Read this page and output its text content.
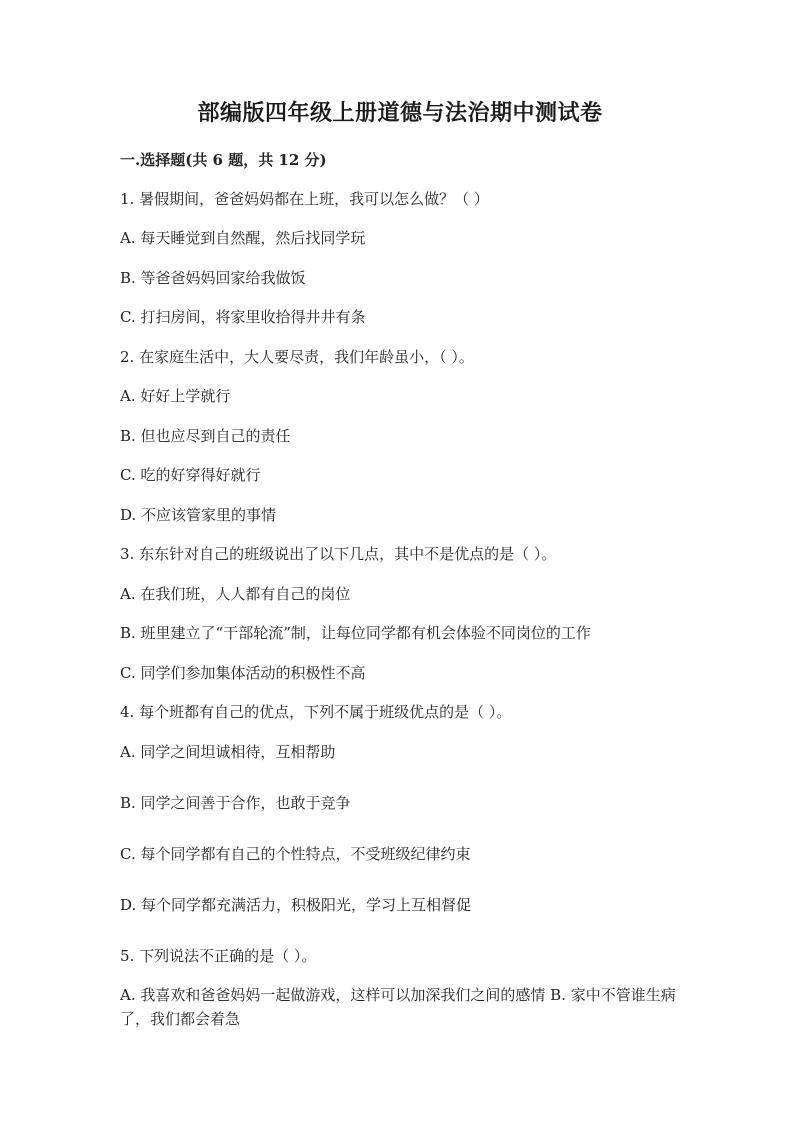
部编版四年级上册道德与法治期中测试卷
一.选择题(共 6 题，共 12 分)
1. 暑假期间，爸爸妈妈都在上班，我可以怎么做？（ ）
A. 每天睡觉到自然醒，然后找同学玩
B. 等爸爸妈妈回家给我做饭
C. 打扫房间，将家里收拾得井井有条
2. 在家庭生活中，大人要尽责，我们年龄虽小，（ ）。
A. 好好上学就行
B. 但也应尽到自己的责任
C. 吃的好穿得好就行
D. 不应该管家里的事情
3. 东东针对自己的班级说出了以下几点，其中不是优点的是（ ）。
A. 在我们班，人人都有自己的岗位
B. 班里建立了“干部轮流”制，让每位同学都有机会体验不同岗位的工作
C. 同学们参加集体活动的积极性不高
4. 每个班都有自己的优点，下列不属于班级优点的是（ ）。
A. 同学之间坦诚相待，互相帮助
B. 同学之间善于合作，也敢于竞争
C. 每个同学都有自己的个性特点，不受班级纪律约束
D. 每个同学都充满活力，积极阳光，学习上互相督促
5. 下列说法不正确的是（ ）。
A. 我喜欢和爸爸妈妈一起做游戏，这样可以加深我们之间的感情 B. 家中不管谁生病了，我们都会着急
